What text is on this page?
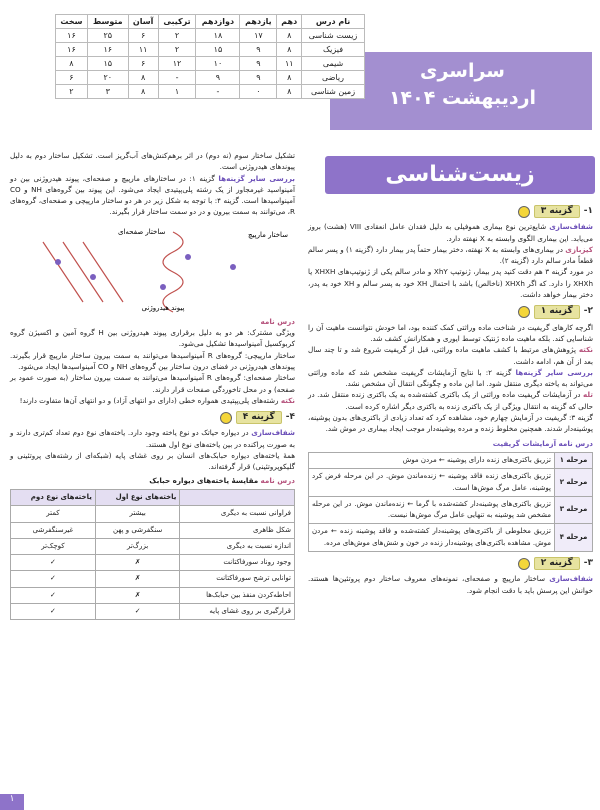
سراسری
اردیبهشت ۱۴۰۴
نام درس	دهم	یازدهم	دوازدهم	ترکیبی	آسان	متوسط	سخت
زیست شناسی	۸	۱۷	۱۸	۲	۶	۲۵	۱۶
فیزیک	۸	۹	۱۵	۲	۱۱	۱۶	۱۶
شیمی	۱۱	۹	۱۰	۱۲	۶	۱۵	۸
ریاضی	۸	۹	۹	-	۸	۲۰	۶
زمین شناسی	۸	۰	-	۱	۸	۳	۲
زیست‌شناسی
۱-
گزینه ۳
شفاف‌سازی شایع‌ترین نوع بیماری هموفیلی به دلیل فقدان عامل انعقادی VIII (هشت) بروز می‌یابد. این بیماری الگوی وابسته به X نهفته دارد.
کیزبازی در بیماری‌های وابسته به X نهفته، دختر بیمار حتماً پدر بیمار دارد (گزینه ۱) و پسر سالم قطعاً مادر سالم دارد (گزینه ۲).
در مورد گزینه ۳ هم دقت کنید پدر بیمار، ژنوتیپ XhY و مادر سالم یکی از ژنوتیپ‌های XHXH یا XHXh را دارد. که اگر XHXh (ناخالص) باشد با احتمال XH خود به پسر سالم و XH خود به پدر، دختر بیمار خواهد داشت.
۲-
گزینه ۱
اگرچه کارهای گریفیت در شناخت ماده وراثتی کمک کننده بود، اما خودش نتوانست ماهیت آن را شناسایی کند. بلکه ماهیت ماده ژنتیک توسط ایوری و همکارانش کشف شد.
نکته پژوهش‌های مرتبط با کشف ماهیت ماده وراثتی، قبل از گریفیت شروع شد و تا چند سال بعد از آن هم، ادامه داشت.
بررسی سایر گزینه‌ها گزینه ۲: با نتایج آزمایشات گریفیت مشخص شد که ماده وراثتی می‌تواند به یاخته دیگری منتقل شود. اما این ماده و چگونگی انتقال آن مشخص نشد.
تله در آزمایشات گریفیت ماده وراثتی از یک باکتری کشته‌شده به یک باکتری زنده منتقل شد. در حالی که گزینه به انتقال ویژگی از یک باکتری زنده به باکتری دیگر اشاره کرده است.
گزینه ۳: گریفیت در آزمایش چهارم خود، مشاهده کرد که تعداد زیادی از باکتری‌های بدون پوشینه، پوشینه‌دار شدند. همچنین مخلوط زنده و مرده پوشینه‌دار موجب ایجاد بیماری در موش شد.
درس نامه آزمایشات گریفیت
مرحله ۱	تزریق باکتری‌های زنده دارای پوشینه ← مردن موش
مرحله ۲	تزریق باکتری‌های زنده فاقد پوشینه ← زنده‌ماندن موش. در این مرحله فرض کرد پوشینه، عامل مرگ موش‌ها است.
مرحله ۳	تزریق باکتری‌های پوشینه‌دار کشته‌شده با گرما ← زنده‌ماندن موش. در این مرحله مشخص شد پوشینه به تنهایی عامل مرگ موش‌ها نیست.
مرحله ۴	تزریق مخلوطی از باکتری‌های پوشینه‌دار کشته‌شده و فاقد پوشینه زنده ← مردن موش. مشاهده باکتری‌های پوشینه‌دار زنده در خون و شش‌های موش‌های مرده.
۳-
گزینه ۲
شفاف‌سازی ساختار مارپیچ و صفحه‌ای، نمونه‌های معروف ساختار دوم پروتئین‌ها هستند. خوانش این پرسش باید با دقت انجام شود.
تشکیل ساختار سوم (نه دوم) در اثر برهم‌کنش‌های آب‌گریز است. تشکیل ساختار دوم به دلیل پیوندهای هیدروژنی است.
بررسی سایر گزینه‌ها گزینه ۱: در ساختارهای مارپیچ و صفحه‌ای، پیوند هیدروژنی بین دو آمینواسید غیرمجاور از یک رشته پلی‌پپتیدی ایجاد می‌شود. این پیوند بین گروه‌های NH و CO آمینواسیدها است. گزینه ۴: با توجه به شکل زیر در هر دو ساختار مارپیچی و صفحه‌ای، گروه‌های R، می‌توانند به سمت بیرون و در دو سمت ساختار قرار بگیرند.
ساختار مارپیچ
ساختار صفحه‌ای
پیوند هیدروژنی
درس نامه
ویژگی مشترک: هر دو به دلیل برقراری پیوند هیدروژنی بین H گروه آمین و اکسیژن گروه کربوکسیل آمینواسیدها تشکیل می‌شود.
ساختار مارپیچی: گروه‌های R آمینواسیدها می‌توانند به سمت بیرون ساختار مارپیچ قرار بگیرند. پیوندهای هیدروژنی در فضای درون ساختار بین گروه‌های NH و CO آمینواسیدها ایجاد می‌شود.
ساختار صفحه‌ای: گروه‌های R آمینواسیدها می‌توانند به سمت بیرون ساختار (به صورت عمود بر صفحه) و در محل تاخوردگی صفحات قرار دارند.
نکته رشته‌های پلی‌پپتیدی همواره خطی (دارای دو انتهای آزاد) و دو انتهای آن‌ها متفاوت دارند!
۴-
گزینه ۴
شفاف‌سازی در دیواره حیاتک دو نوع یاخته وجود دارد. یاخته‌های نوع دوم تعداد کم‌تری دارند و به صورت پراکنده در بین یاخته‌های نوع اول هستند.
همهٔ یاخته‌های دیواره حبابک‌های انسان بر روی غشای پایه (شبکه‌ای از رشته‌های پروتئینی و گلیکوپروتئینی) قرار گرفته‌اند.
درس نامه مقایسهٔ یاخته‌های دیواره حبابک
	یاخته‌های نوع اول	یاخته‌های نوع دوم
فراوانی نسبت به دیگری	بیشتر	کمتر
شکل ظاهری	سنگفرشی و پهن	غیرسنگفرشی
اندازه نسبت به دیگری	بزرگ‌تر	کوچک‌تر
وجود روناد سورفاکتانت	✗	✓
توانایی ترشح سورفاکتانت	✗	✓
احاطه‌کردن منفذ بین حبابک‌ها	✗	✓
قرارگیری بر روی غشای پایه	✓	✓
۱
